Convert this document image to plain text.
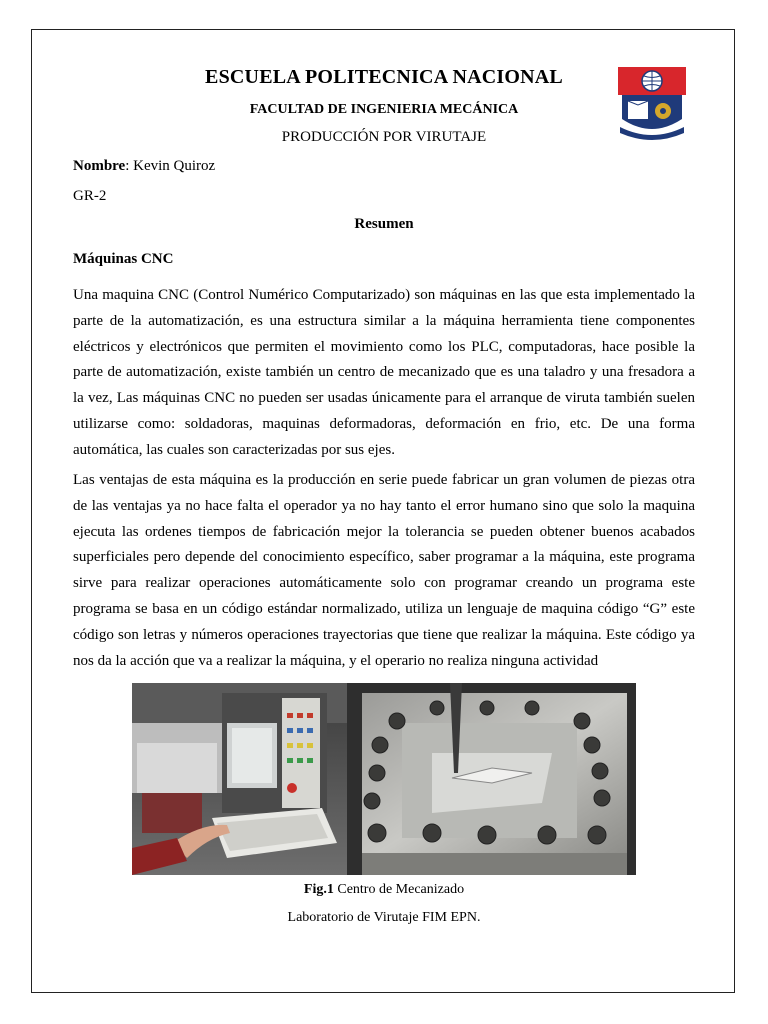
ESCUELA POLITECNICA NACIONAL
FACULTAD DE INGENIERIA MECÁNICA
PRODUCCIÓN POR VIRUTAJE
Nombre: Kevin Quiroz
GR-2
Resumen
Máquinas CNC
Una maquina CNC (Control Numérico Computarizado) son máquinas en las que esta implementado la parte de la automatización, es una estructura similar a la máquina herramienta tiene componentes eléctricos y electrónicos que permiten el movimiento como los PLC, computadoras, hace posible la parte de automatización, existe también un centro de mecanizado que es una taladro y una fresadora a la vez, Las máquinas CNC no pueden ser usadas únicamente para el arranque de viruta también suelen utilizarse como: soldadoras, maquinas deformadoras, deformación en frio, etc. De una forma automática, las cuales son caracterizadas por sus ejes.
Las ventajas de esta máquina es la producción en serie puede fabricar un gran volumen de piezas otra de las ventajas ya no hace falta el operador ya no hay tanto el error humano sino que solo la maquina ejecuta las ordenes tiempos de fabricación mejor la tolerancia se pueden obtener buenos acabados superficiales pero depende del conocimiento específico, saber programar a la máquina, este programa sirve para realizar operaciones automáticamente solo con programar creando un programa este programa se basa en un código estándar normalizado, utiliza un lenguaje de maquina código “G” este código son letras y números operaciones trayectorias que tiene que realizar la máquina. Este código ya nos da la acción que va a realizar la máquina, y el operario no realiza ninguna actividad
Fig.1 Centro de Mecanizado
Laboratorio de Virutaje FIM EPN.
